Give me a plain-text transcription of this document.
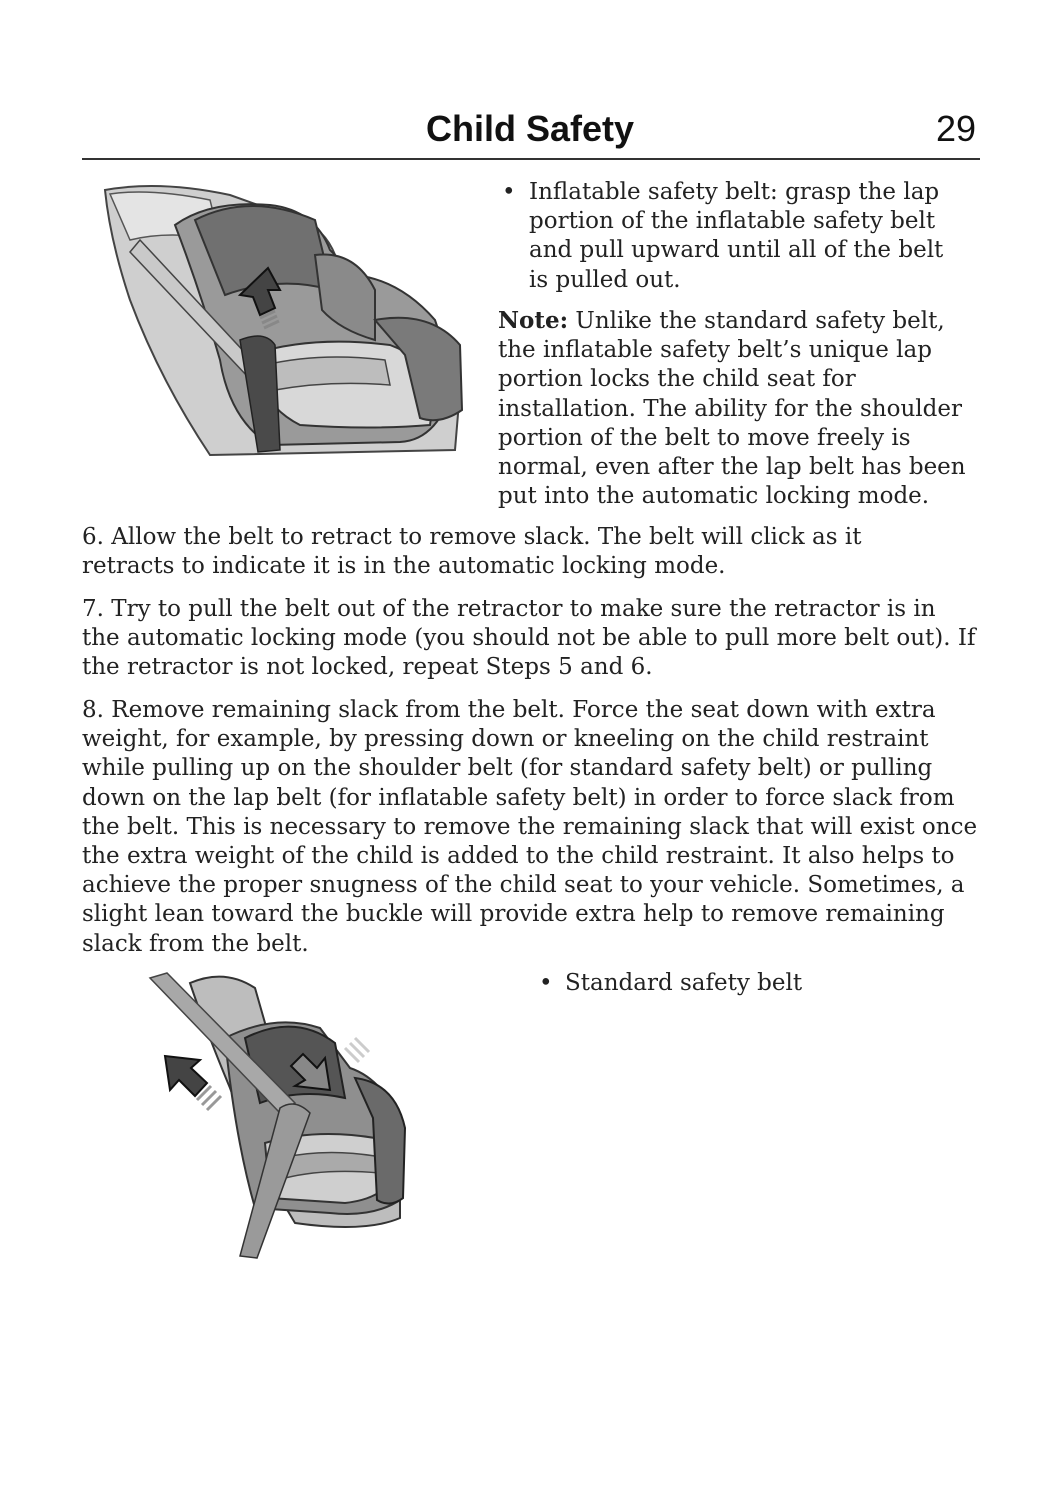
Child Safety	29
• Inflatable safety belt: grasp the lap portion of the inflatable safety belt and pull upward until all of the belt is pulled out.

Note: Unlike the standard safety belt, the inflatable safety belt’s unique lap portion locks the child seat for installation. The ability for the shoulder portion of the belt to move freely is normal, even after the lap belt has been put into the automatic locking mode.

6. Allow the belt to retract to remove slack. The belt will click as it retracts to indicate it is in the automatic locking mode.

7. Try to pull the belt out of the retractor to make sure the retractor is in the automatic locking mode (you should not be able to pull more belt out). If the retractor is not locked, repeat Steps 5 and 6.

8. Remove remaining slack from the belt. Force the seat down with extra weight, for example, by pressing down or kneeling on the child restraint while pulling up on the shoulder belt (for standard safety belt) or pulling down on the lap belt (for inflatable safety belt) in order to force slack from the belt. This is necessary to remove the remaining slack that will exist once the extra weight of the child is added to the child restraint. It also helps to achieve the proper snugness of the child seat to your vehicle. Sometimes, a slight lean toward the buckle will provide extra help to remove remaining slack from the belt.

• Standard safety belt
